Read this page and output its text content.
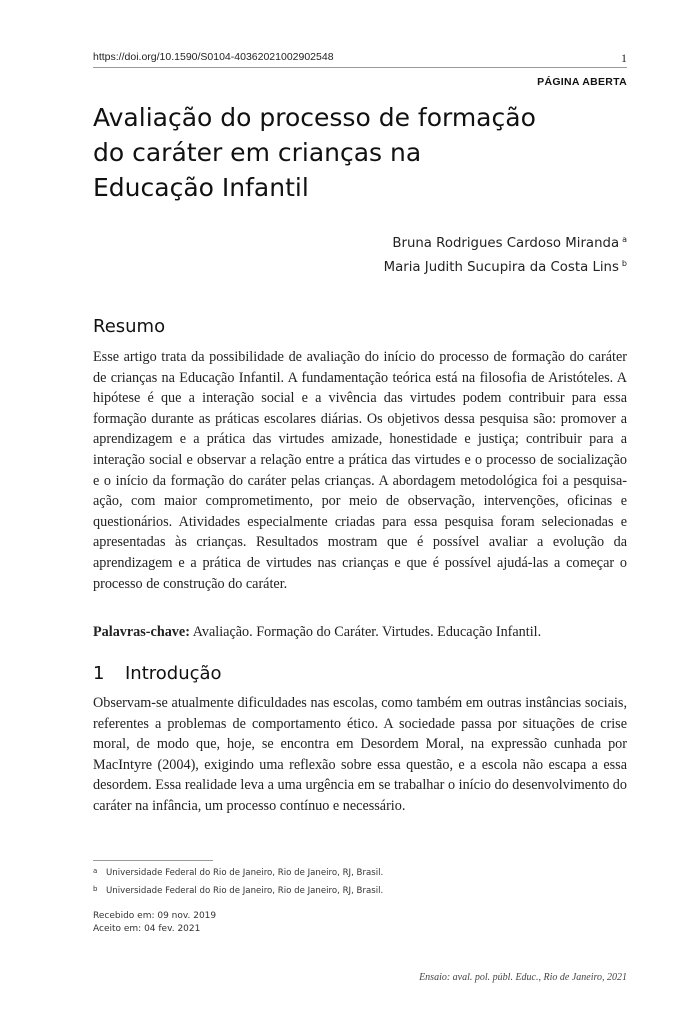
https://doi.org/10.1590/S0104-40362021002902548	1
PÁGINA ABERTA
Avaliação do processo de formação
do caráter em crianças na
Educação Infantil
Bruna Rodrigues Cardoso Miranda $^a$
Maria Judith Sucupira da Costa Lins $^b$
Resumo

Esse artigo trata da possibilidade de avaliação do início do processo de formação do caráter de crianças na Educação Infantil. A fundamentação teórica está na filosofia de Aristóteles. A hipótese é que a interação social e a vivência das virtudes podem contribuir para essa formação durante as práticas escolares diárias. Os objetivos dessa pesquisa são: promover a aprendizagem e a prática das virtudes amizade, honestidade e justiça; contribuir para a interação social e observar a relação entre a prática das virtudes e o processo de socialização e o início da formação do caráter pelas crianças. A abordagem metodológica foi a pesquisa-ação, com maior comprometimento, por meio de observação, intervenções, oficinas e questionários. Atividades especialmente criadas para essa pesquisa foram selecionadas e apresentadas às crianças. Resultados mostram que é possível avaliar a evolução da aprendizagem e a prática de virtudes nas crianças e que é possível ajudá-las a começar o processo de construção do caráter.

Palavras-chave: Avaliação. Formação do Caráter. Virtudes. Educação Infantil.

1 Introdução

Observam-se atualmente dificuldades nas escolas, como também em outras instâncias sociais, referentes a problemas de comportamento ético. A sociedade passa por situações de crise moral, de modo que, hoje, se encontra em Desordem Moral, na expressão cunhada por MacIntyre (2004), exigindo uma reflexão sobre essa questão, e a escola não escapa a essa desordem. Essa realidade leva a uma urgência em se trabalhar o início do desenvolvimento do caráter na infância, um processo contínuo e necessário.

a Universidade Federal do Rio de Janeiro, Rio de Janeiro, RJ, Brasil.
b Universidade Federal do Rio de Janeiro, Rio de Janeiro, RJ, Brasil.
Recebido em: 09 nov. 2019
Aceito em: 04 fev. 2021
Ensaio: aval. pol. públ. Educ., Rio de Janeiro, 2021
